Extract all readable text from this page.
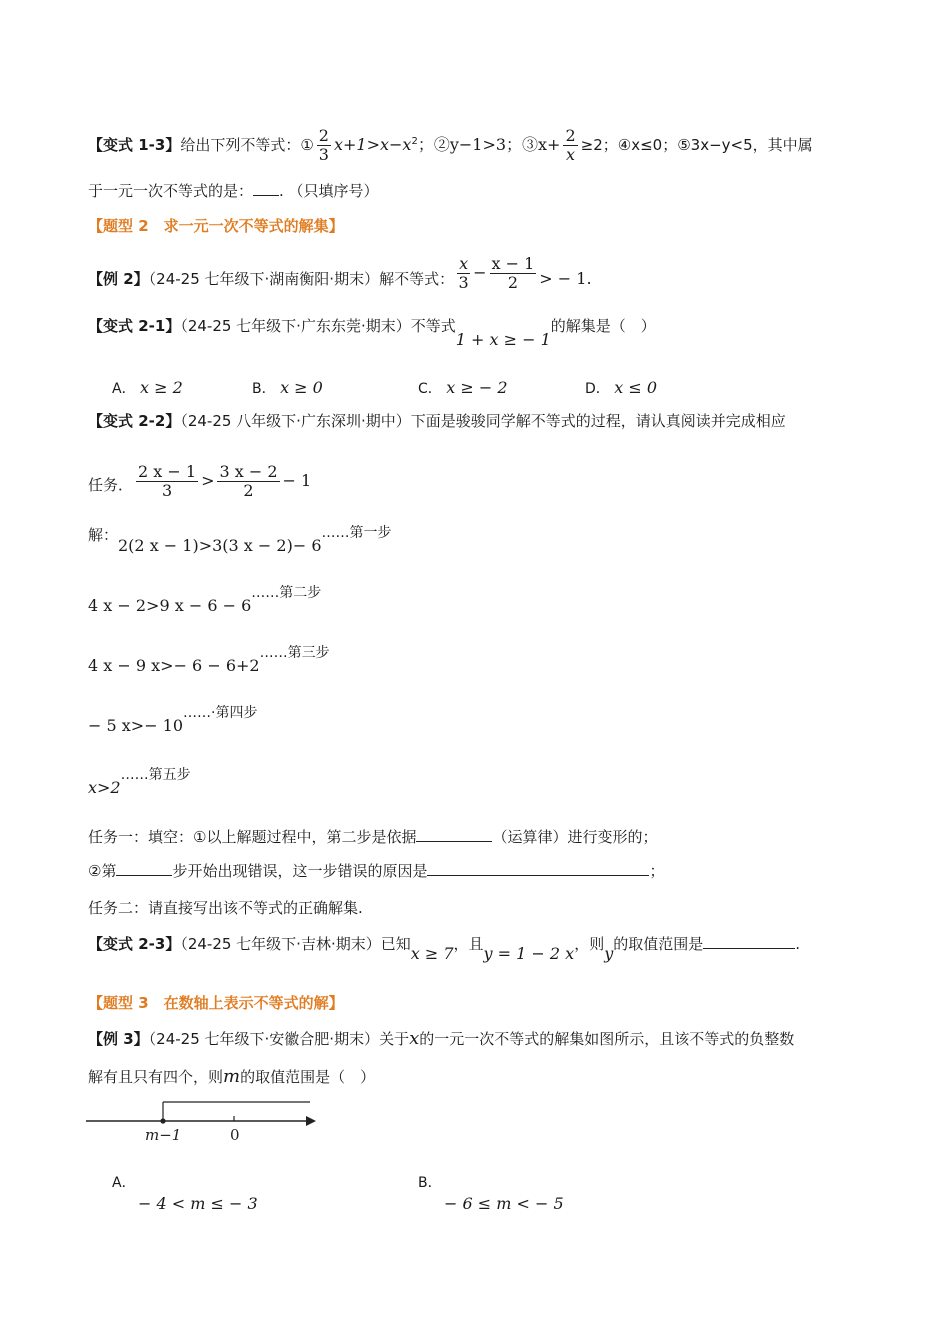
【变式 1-3】给出下列不等式：① $\frac{2}{3} x+1>x-x^2$；②y−1>3；③x+ $\frac{2}{x} \ge 2$；④x≤0；⑤3x−y<5，其中属
于一元一次不等式的是： . （只填序号）
【题型 2　求一元一次不等式的解集】
【例 2】（24-25 七年级下·湖南衡阳·期末）解不等式： $\frac{x}{3} - \frac{x - 1}{2}$ > − 1.
【变式 2-1】（24-25 七年级下·广东东莞·期末）不等式1 + x ≥ − 1的解集是（　）
A． x ≥ 2	B． x ≥ 0	C． x ≥ − 2	D． x ≤ 0
【变式 2-2】（24-25 八年级下·广东深圳·期中）下面是骏骏同学解不等式的过程，请认真阅读并完成相应
任务． $\frac{2 x - 1}{3} > \frac{3 x - 2}{2} - 1$
解：
2(2 x − 1)>3(3 x − 2)− 6……第一步
4 x − 2>9 x − 6 − 6……第二步
4 x − 9 x>− 6 − 6+2……第三步
− 5 x>− 10……·第四步
x>2……第五步
任务一：填空：①以上解题过程中，第二步是依据	（运算律）进行变形的；
②第	步开始出现错误，这一步错误的原因是	；
任务二：请直接写出该不等式的正确解集.
【变式 2-3】（24-25 七年级下·吉林·期末）已知x ≥ 7，且y = 1 − 2 x，则y的取值范围是	.
【题型 3　在数轴上表示不等式的解】
【例 3】（24-25 七年级下·安徽合肥·期末）关于x的一元一次不等式的解集如图所示，且该不等式的负整数
解有且只有四个，则m的取值范围是（　）
m−1	0
A．
− 4 < m ≤ − 3
B．
− 6 ≤ m < − 5
